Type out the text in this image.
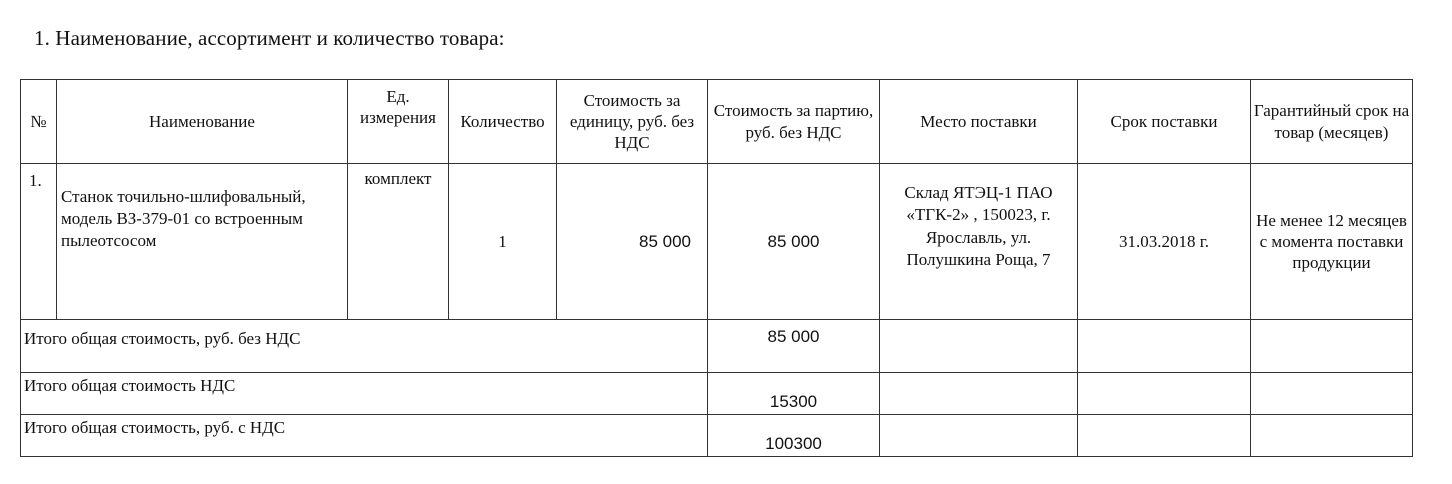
1. Наименование, ассортимент и количество товара:
№	Наименование	Ед. измерения	Количество	Стоимость за единицу, руб. без НДС	Стоимость за партию, руб. без НДС	Место поставки	Срок поставки	Гарантийный срок на товар (месяцев)
1.	Станок точильно-шлифовальный, модель ВЗ-379-01 со встроенным пылеотсосом	комплект	1	85 000	85 000	Склад ЯТЭЦ-1 ПАО «ТГК-2» , 150023, г. Ярославль, ул. Полушкина Роща, 7	31.03.2018 г.	Не менее 12 месяцев с момента поставки продукции
Итого общая стоимость, руб. без НДС					85 000			
Итого общая стоимость НДС					15300			
Итого общая стоимость, руб. с НДС					100300			
